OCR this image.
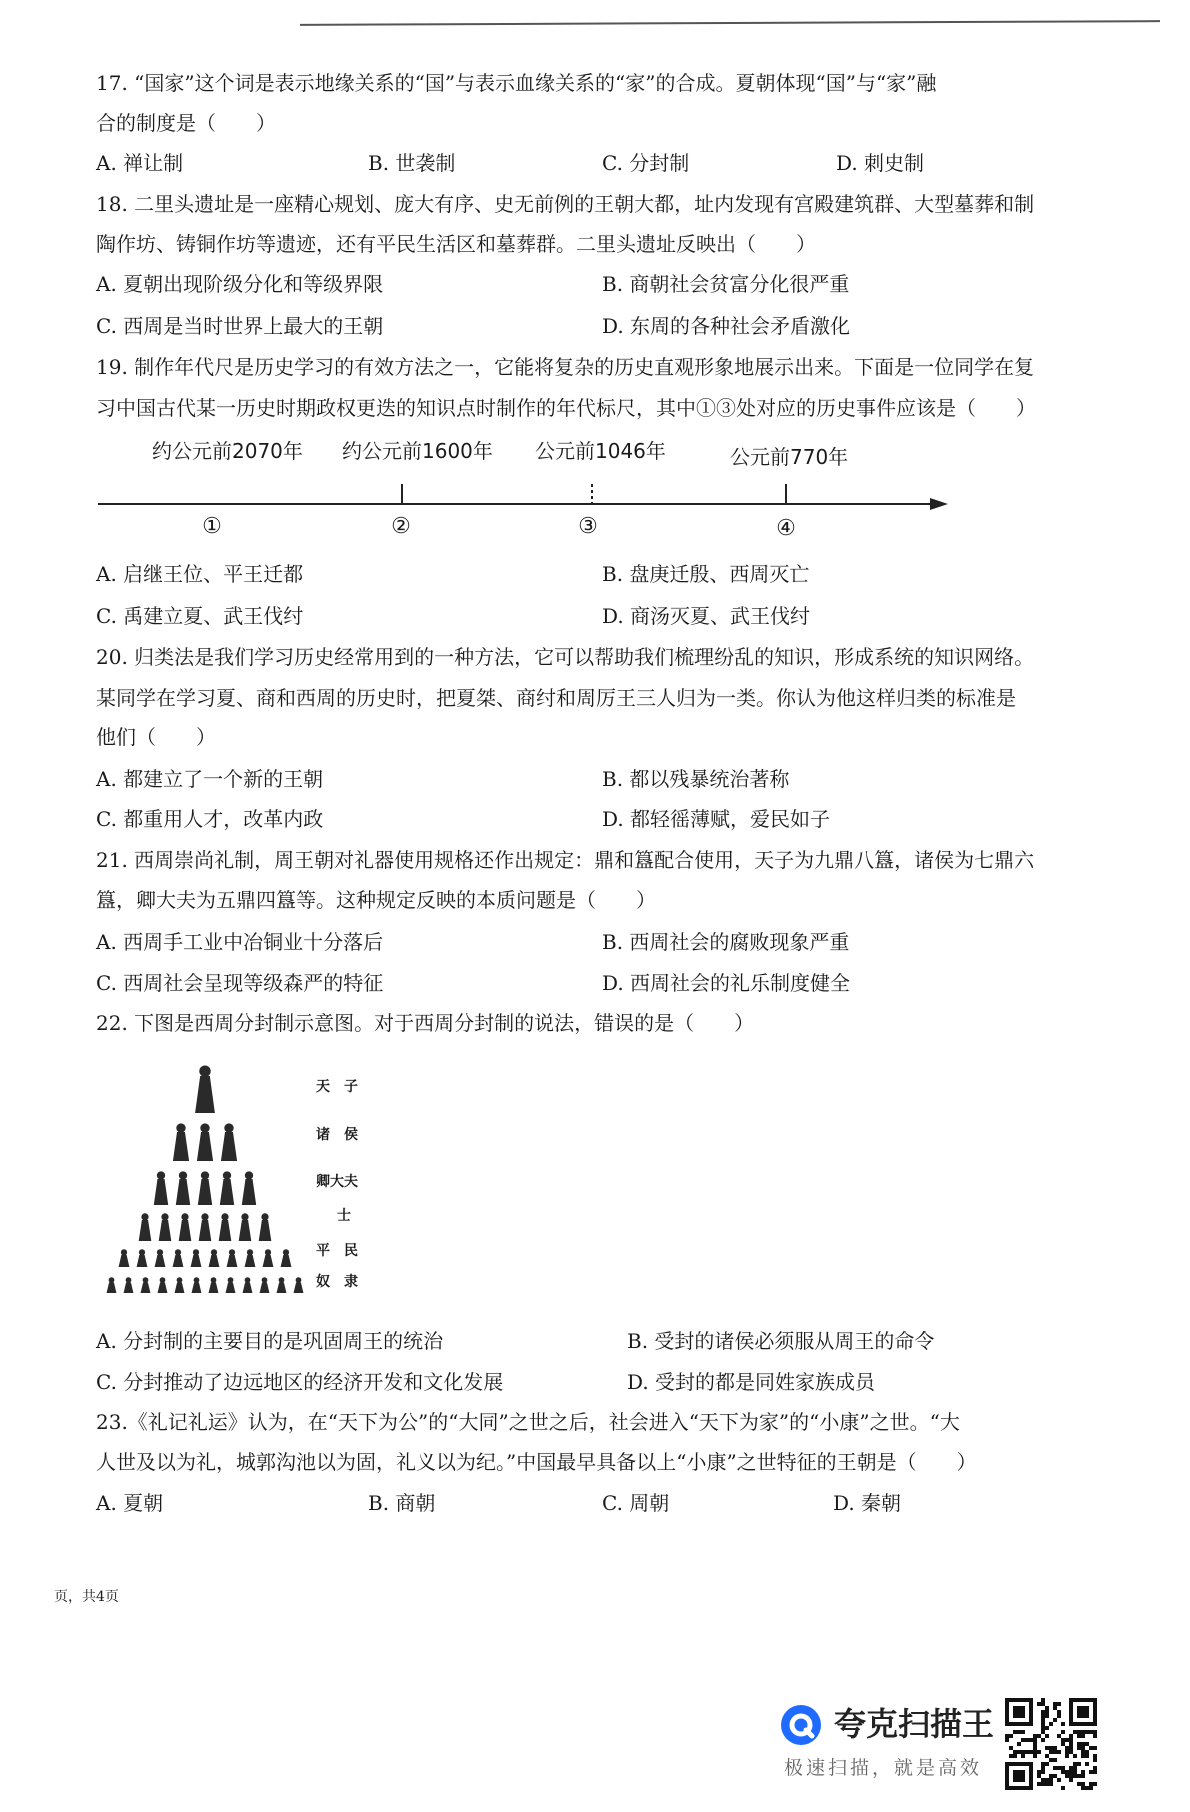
17. “国家”这个词是表示地缘关系的“国”与表示血缘关系的“家”的合成。夏朝体现“国”与“家”融
合的制度是（　　）
A. 禅让制	B. 世袭制	C. 分封制	D. 刺史制
18. 二里头遗址是一座精心规划、庞大有序、史无前例的王朝大都，址内发现有宫殿建筑群、大型墓葬和制
陶作坊、铸铜作坊等遗迹，还有平民生活区和墓葬群。二里头遗址反映出（　　）
A. 夏朝出现阶级分化和等级界限	B. 商朝社会贫富分化很严重
C. 西周是当时世界上最大的王朝	D. 东周的各种社会矛盾激化
19. 制作年代尺是历史学习的有效方法之一，它能将复杂的历史直观形象地展示出来。下面是一位同学在复
习中国古代某一历史时期政权更迭的知识点时制作的年代标尺，其中①③处对应的历史事件应该是（　　）
约公元前2070年 约公元前1600年 公元前1046年	公元前770年
①	②	③	④
A. 启继王位、平王迁都	B. 盘庚迁殷、西周灭亡
C. 禹建立夏、武王伐纣	D. 商汤灭夏、武王伐纣
20. 归类法是我们学习历史经常用到的一种方法，它可以帮助我们梳理纷乱的知识，形成系统的知识网络。
某同学在学习夏、商和西周的历史时，把夏桀、商纣和周厉王三人归为一类。你认为他这样归类的标准是
他们（　　）
A. 都建立了一个新的王朝	B. 都以残暴统治著称
C. 都重用人才，改革内政	D. 都轻徭薄赋，爱民如子
21. 西周崇尚礼制，周王朝对礼器使用规格还作出规定：鼎和簋配合使用，天子为九鼎八簋，诸侯为七鼎六
簋，卿大夫为五鼎四簋等。这种规定反映的本质问题是（　　）
A. 西周手工业中冶铜业十分落后	B. 西周社会的腐败现象严重
C. 西周社会呈现等级森严的特征	D. 西周社会的礼乐制度健全
22. 下图是西周分封制示意图。对于西周分封制的说法，错误的是（　　）
天子
诸侯
卿大夫
士
平民
奴隶
A. 分封制的主要目的是巩固周王的统治	B. 受封的诸侯必须服从周王的命令
C. 分封推动了边远地区的经济开发和文化发展	D. 受封的都是同姓家族成员
23.《礼记礼运》认为，在“天下为公”的“大同”之世之后，社会进入“天下为家”的“小康”之世。“大
人世及以为礼，城郭沟池以为固，礼义以为纪。”中国最早具备以上“小康”之世特征的王朝是（　　）
A. 夏朝	B. 商朝	C. 周朝	D. 秦朝
页，共4页
夸克扫描王
极速扫描，就是高效
